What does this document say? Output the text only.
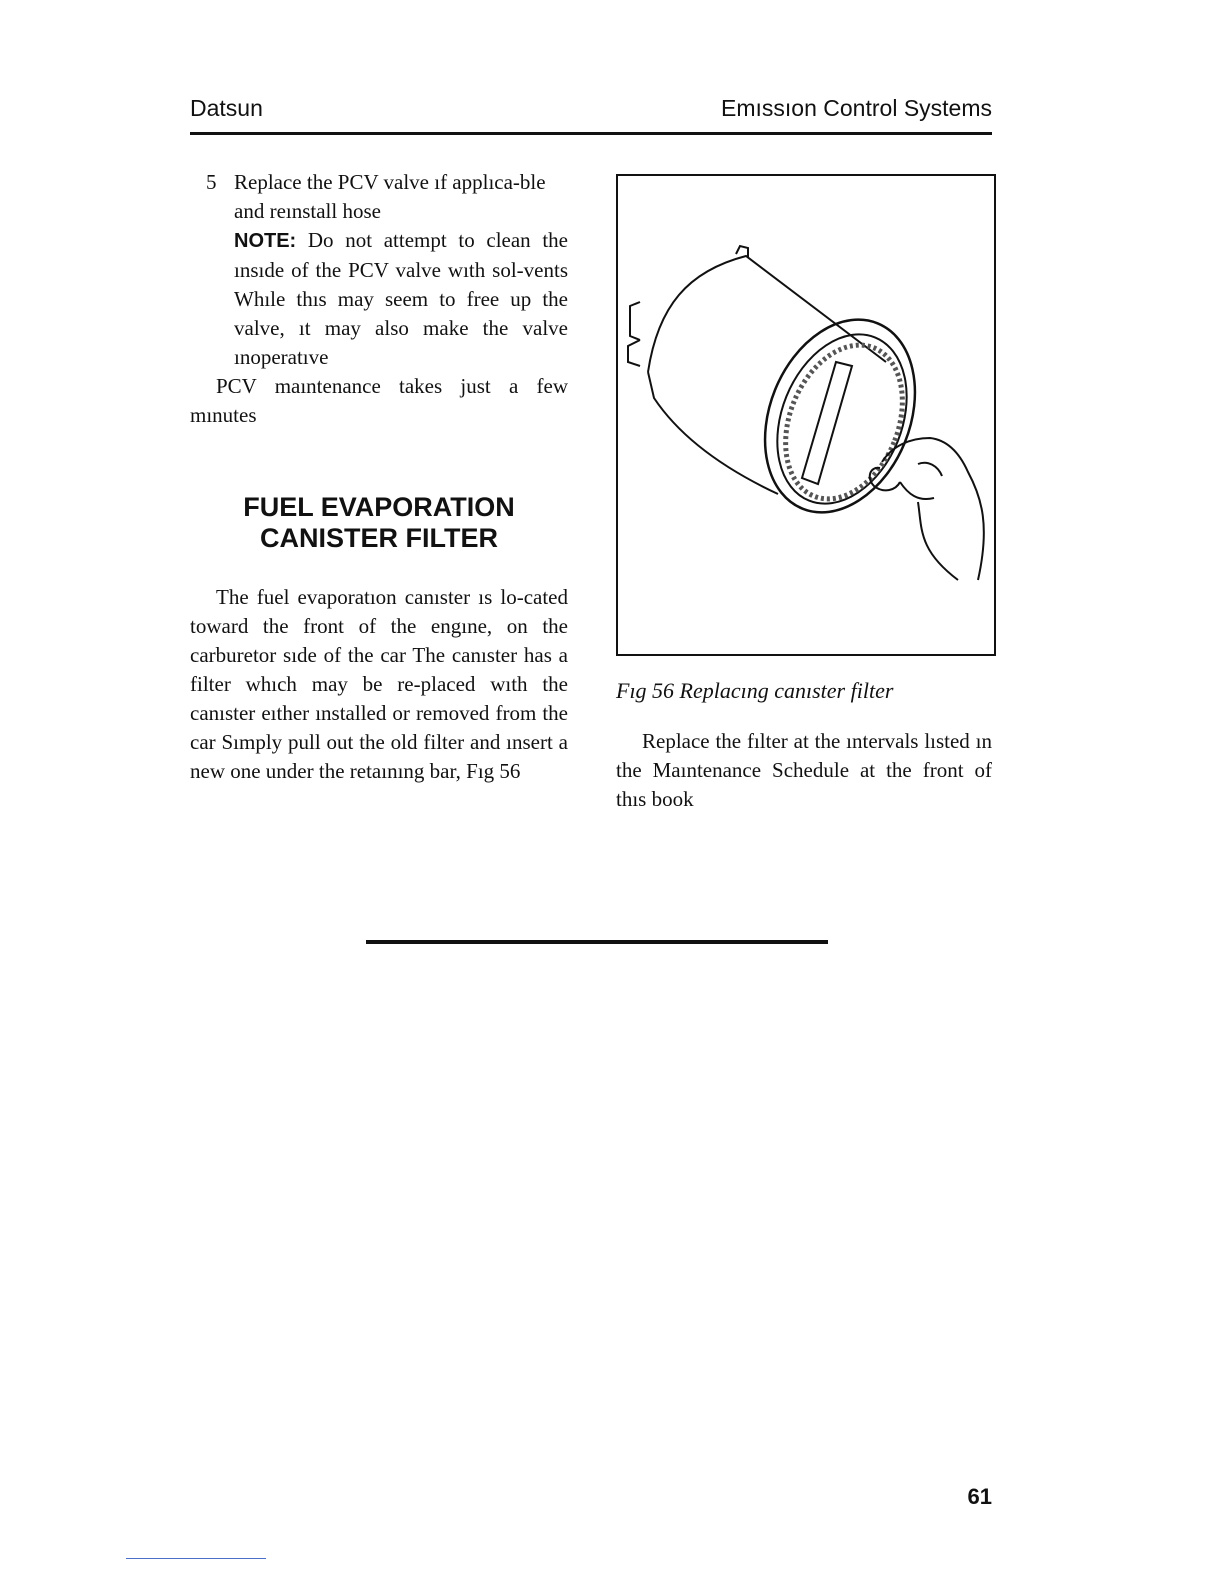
Datsun	Emıssıon Control Systems
5 Replace the PCV valve ıf applıca-ble and reınstall hose
NOTE: Do not attempt to clean the ınsıde of the PCV valve wıth sol-vents Whıle thıs may seem to free up the valve, ıt may also make the valve ınoperatıve

PCV maıntenance takes just a few mınutes

FUEL EVAPORATION
CANISTER FILTER

The fuel evaporatıon canıster ıs lo-cated toward the front of the engıne, on the carburetor sıde of the car The canıster has a filter whıch may be re-placed wıth the canıster eıther ınstalled or removed from the car Sımply pull out the old filter and ınsert a new one under the retaınıng bar, Fıg 56

Fıg 56 Replacıng canıster filter

Replace the fılter at the ıntervals lısted ın the Maıntenance Schedule at the front of thıs book

61
